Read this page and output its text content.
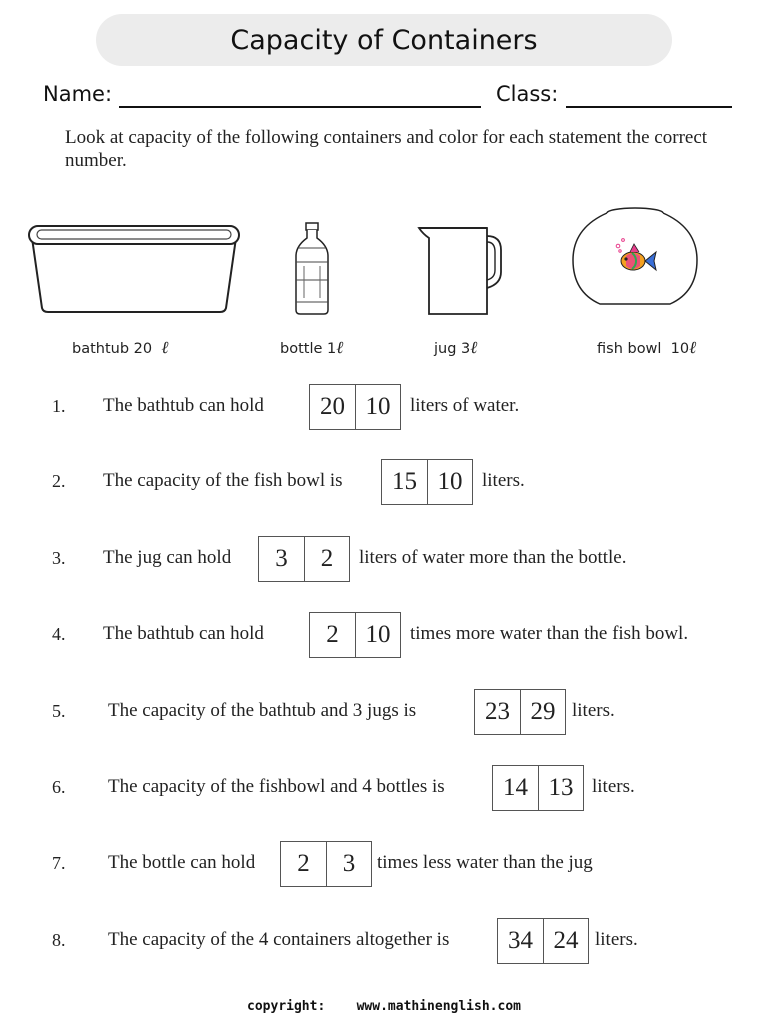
Capacity of Containers
Name:	Class:
Look at capacity of the following containers and color for each statement the correct number.
bathtub 20 ℓ	bottle 1ℓ	jug 3ℓ	fish bowl 10ℓ
1. The bathtub can hold	20 10	liters of water.
2. The capacity of the fish bowl is	15 10	liters.
3. The jug can hold	3	2	liters of water more than the bottle.
4. The bathtub can hold	2	10	times more water than the fish bowl.
5. The capacity of the bathtub and 3 jugs is	23 29 liters.
6. The capacity of the fishbowl and 4 bottles is	14 13 liters.
7. The bottle can hold	2	3	times less water than the jug
8. The capacity of the 4 containers altogether is	34 24 liters.
copyright: www.mathinenglish.com
